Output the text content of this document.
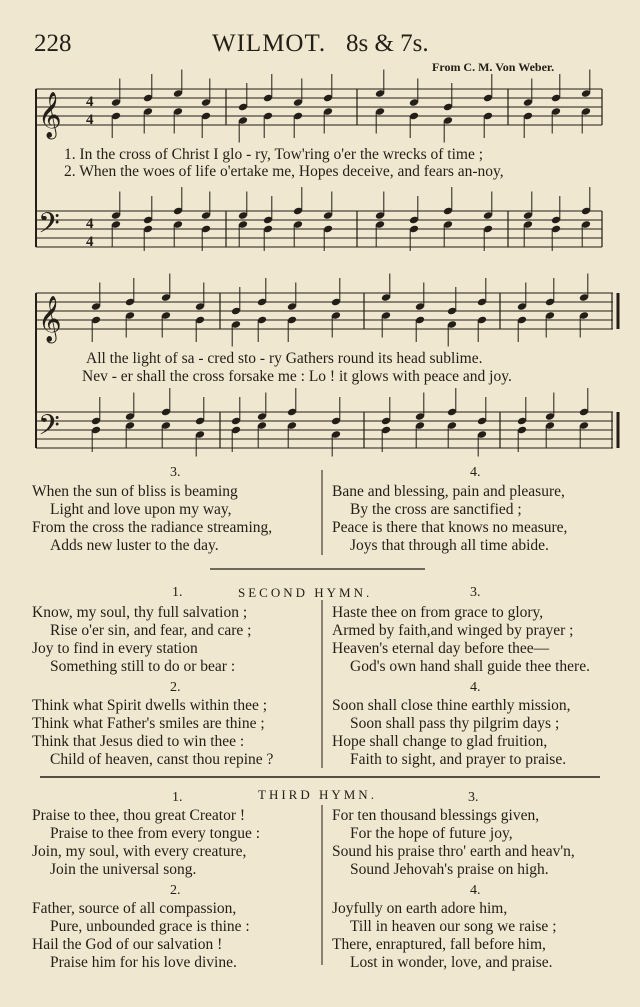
228	WILMOT. 8s & 7s.
From C. M. Von Weber.
𝄞
𝄢
4
4
4
4
𝄞
𝄢
1. In the cross of Christ I glo - ry, Tow'ring o'er the wrecks of time ;
2. When the woes of life o'ertake me, Hopes deceive, and fears an-noy,
All the light of sa - cred sto - ry Gathers round its head sublime.
Nev - er shall the cross forsake me : Lo ! it glows with peace and joy.
3.
When the sun of bliss is beaming
Light and love upon my way,
From the cross the radiance streaming,
Adds new luster to the day.
4.
Bane and blessing, pain and pleasure,
By the cross are sanctified ;
Peace is there that knows no measure,
Joys that through all time abide.
1.	SECOND HYMN.	3.
Know, my soul, thy full salvation ;
Rise o'er sin, and fear, and care ;
Joy to find in every station
Something still to do or bear :
Haste thee on from grace to glory,
Armed by faith,and winged by prayer ;
Heaven's eternal day before thee—
God's own hand shall guide thee there.
2.	4.
Think what Spirit dwells within thee ;
Think what Father's smiles are thine ;
Think that Jesus died to win thee :
Child of heaven, canst thou repine ?
Soon shall close thine earthly mission,
Soon shall pass thy pilgrim days ;
Hope shall change to glad fruition,
Faith to sight, and prayer to praise.
1.	THIRD HYMN.	3.
Praise to thee, thou great Creator !
Praise to thee from every tongue :
Join, my soul, with every creature,
Join the universal song.
For ten thousand blessings given,
For the hope of future joy,
Sound his praise thro' earth and heav'n,
Sound Jehovah's praise on high.
2.	4.
Father, source of all compassion,
Pure, unbounded grace is thine :
Hail the God of our salvation !
Praise him for his love divine.
Joyfully on earth adore him,
Till in heaven our song we raise ;
There, enraptured, fall before him,
Lost in wonder, love, and praise.
